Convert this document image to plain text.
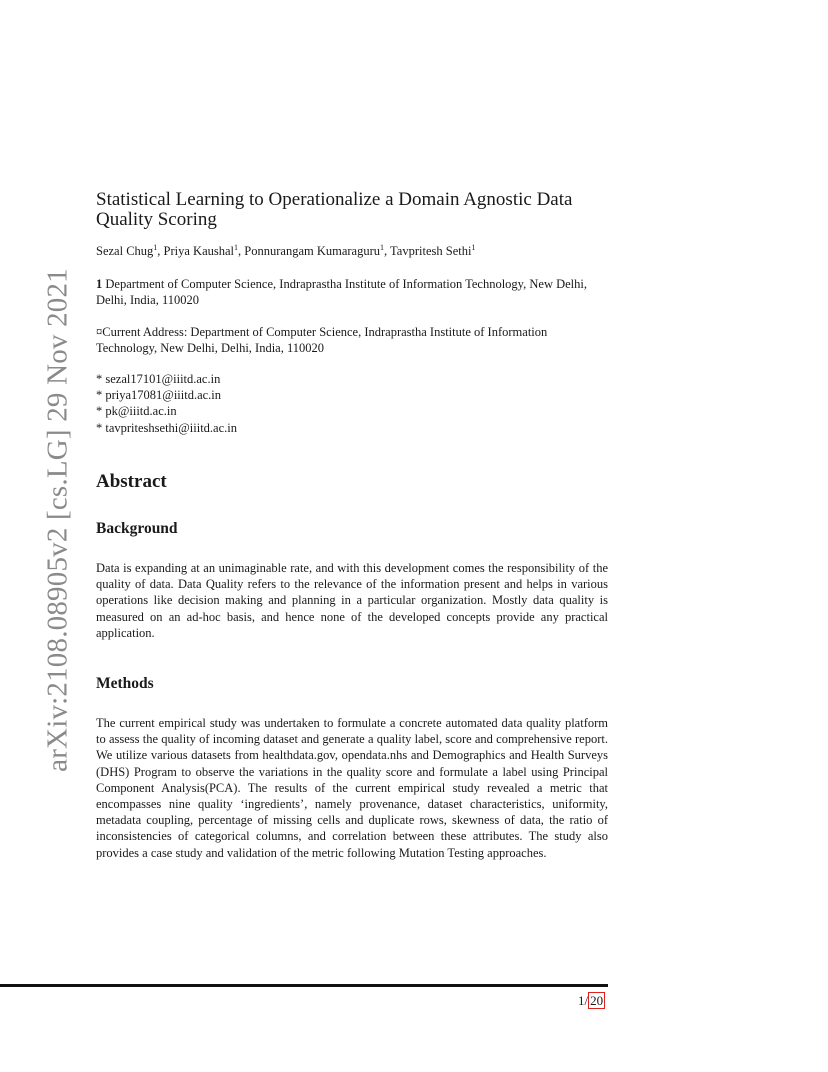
arXiv:2108.08905v2 [cs.LG] 29 Nov 2021
Statistical Learning to Operationalize a Domain Agnostic Data Quality Scoring
Sezal Chug$^1$, Priya Kaushal$^1$, Ponnurangam Kumaraguru$^1$, Tavpritesh Sethi$^1$

1 Department of Computer Science, Indraprastha Institute of Information Technology, New Delhi, Delhi, India, 110020

¤Current Address: Department of Computer Science, Indraprastha Institute of Information Technology, New Delhi, Delhi, India, 110020

* sezal17101@iiitd.ac.in
* priya17081@iiitd.ac.in
* pk@iiitd.ac.in
* tavpriteshsethi@iiitd.ac.in
Abstract
Background

Data is expanding at an unimaginable rate, and with this development comes the responsibility of the quality of data. Data Quality refers to the relevance of the information present and helps in various operations like decision making and planning in a particular organization. Mostly data quality is measured on an ad-hoc basis, and hence none of the developed concepts provide any practical application.

Methods

The current empirical study was undertaken to formulate a concrete automated data quality platform to assess the quality of incoming dataset and generate a quality label, score and comprehensive report. We utilize various datasets from healthdata.gov, opendata.nhs and Demographics and Health Surveys (DHS) Program to observe the variations in the quality score and formulate a label using Principal Component Analysis(PCA). The results of the current empirical study revealed a metric that encompasses nine quality ‘ingredients’, namely provenance, dataset characteristics, uniformity, metadata coupling, percentage of missing cells and duplicate rows, skewness of data, the ratio of inconsistencies of categorical columns, and correlation between these attributes. The study also provides a case study and validation of the metric following Mutation Testing approaches.

1/ 20
